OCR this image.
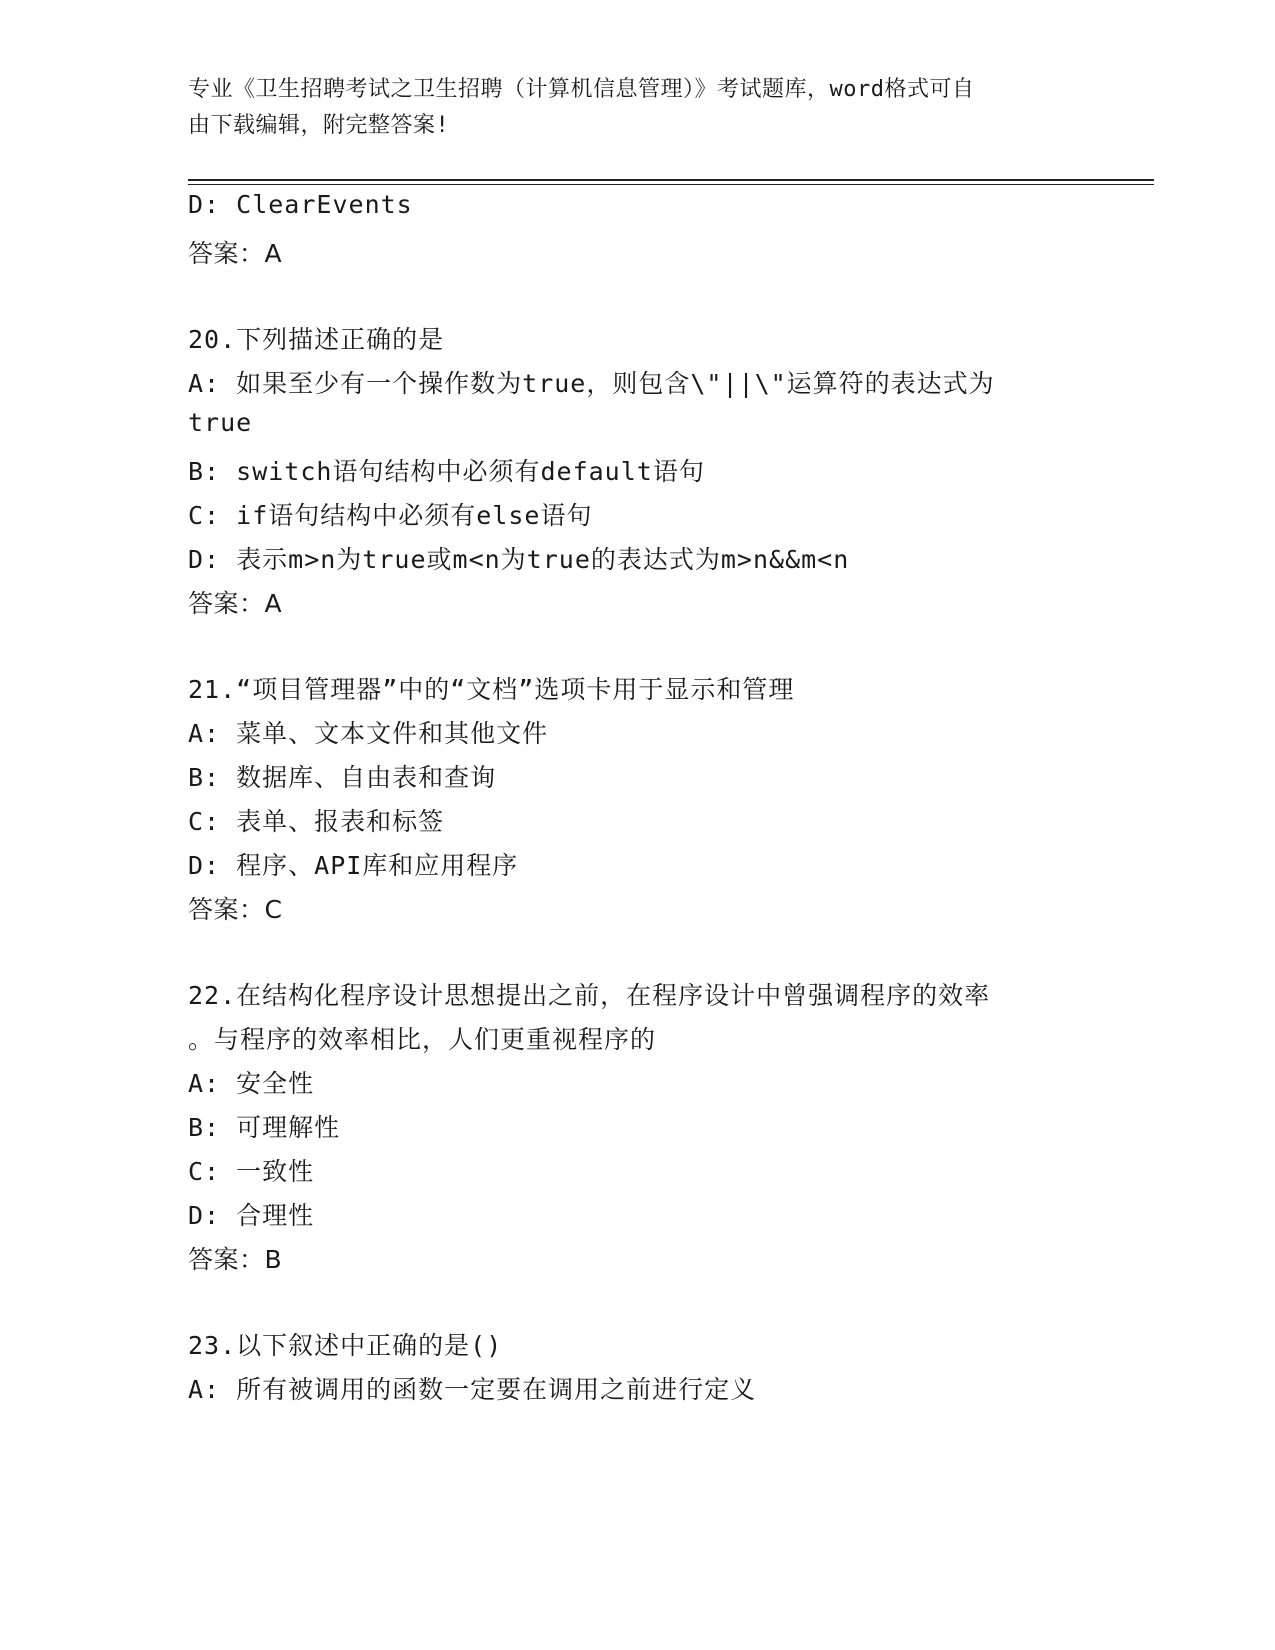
专业《卫生招聘考试之卫生招聘（计算机信息管理）》考试题库，word格式可自
由下载编辑，附完整答案!
D: ClearEvents
答案：A
20.下列描述正确的是
A: 如果至少有一个操作数为true，则包含\"||\"运算符的表达式为
true
B: switch语句结构中必须有default语句
C: if语句结构中必须有else语句
D: 表示m>n为true或m<n为true的表达式为m>n&&m<n
答案：A
21.“项目管理器”中的“文档”选项卡用于显示和管理
A: 菜单、文本文件和其他文件
B: 数据库、自由表和查询
C: 表单、报表和标签
D: 程序、API库和应用程序
答案：C
22.在结构化程序设计思想提出之前，在程序设计中曾强调程序的效率
。与程序的效率相比，人们更重视程序的
A: 安全性
B: 可理解性
C: 一致性
D: 合理性
答案：B
23.以下叙述中正确的是()
A: 所有被调用的函数一定要在调用之前进行定义
